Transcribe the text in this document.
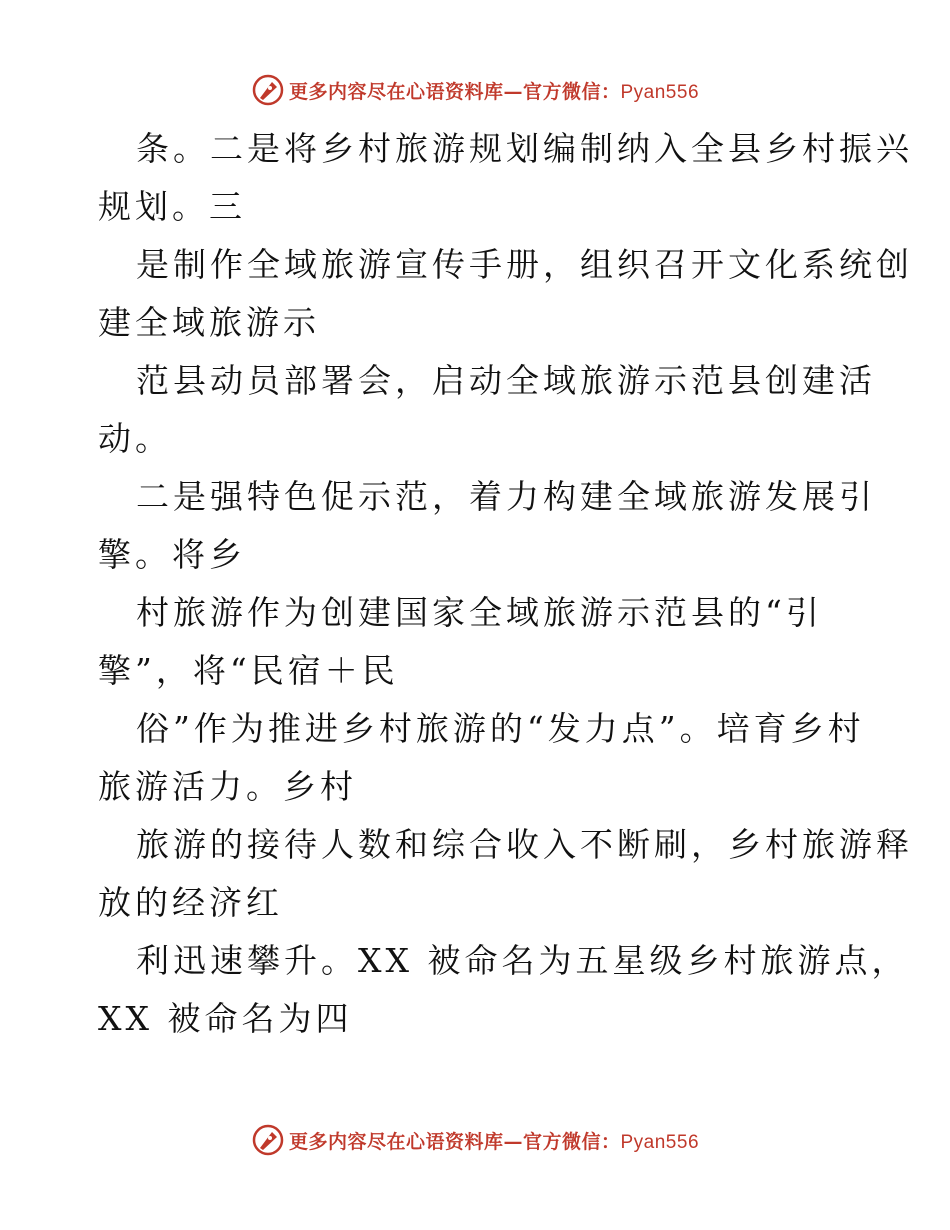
更多内容尽在心语资料库—官方微信：Pyan556
条。二是将乡村旅游规划编制纳入全县乡村振兴
规划。三
是制作全域旅游宣传手册，组织召开文化系统创
建全域旅游示
范县动员部署会，启动全域旅游示范县创建活
动。
二是强特色促示范，着力构建全域旅游发展引
擎。将乡
村旅游作为创建国家全域旅游示范县的“引
擎”，将“民宿＋民
俗”作为推进乡村旅游的“发力点”。培育乡村
旅游活力。乡村
旅游的接待人数和综合收入不断刷，乡村旅游释
放的经济红
利迅速攀升。XX 被命名为五星级乡村旅游点，
XX 被命名为四
更多内容尽在心语资料库—官方微信：Pyan556
